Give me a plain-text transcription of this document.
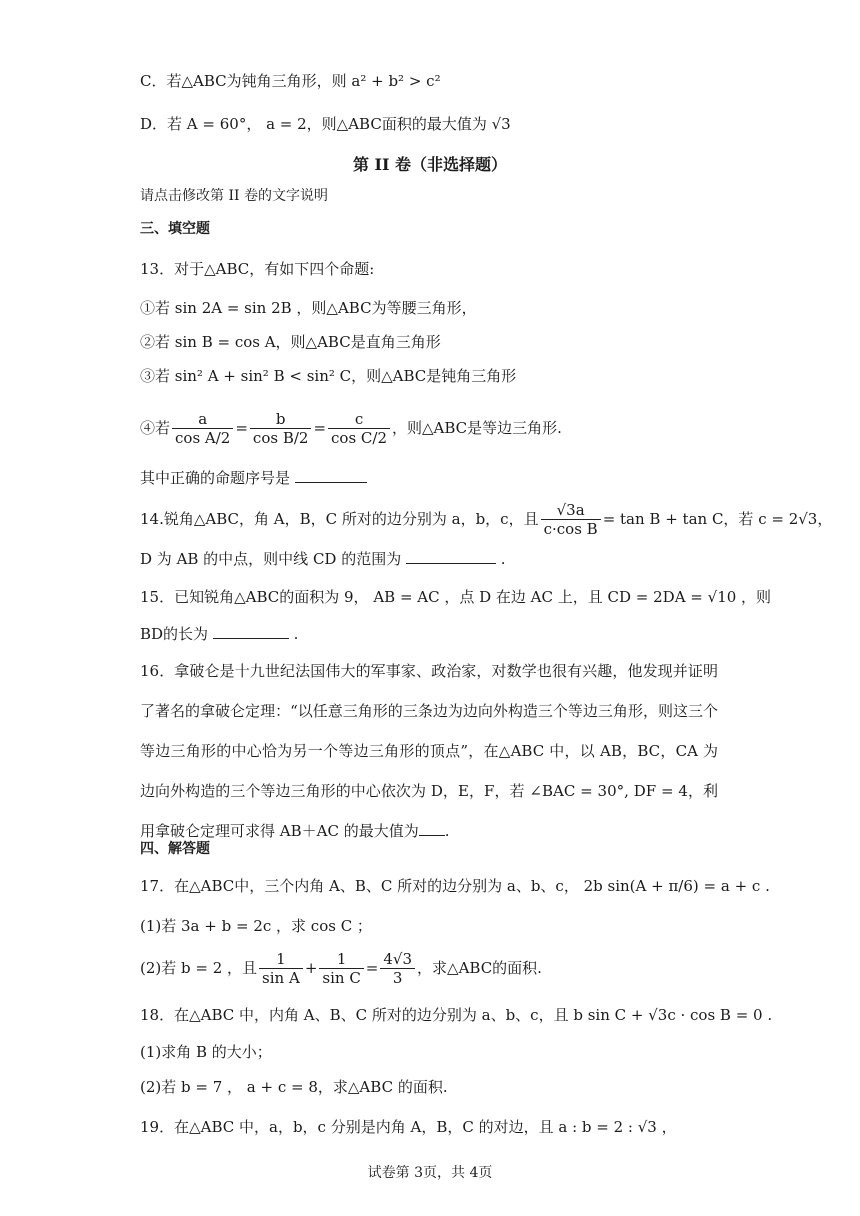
C．若△ABC为钝角三角形，则 a² + b² > c²
D．若 A = 60°， a = 2，则△ABC面积的最大值为 √3
第 II 卷（非选择题）
请点击修改第 II 卷的文字说明
三、填空题
13．对于△ABC，有如下四个命题:
①若 sin 2A = sin 2B ，则△ABC为等腰三角形，
②若 sin B = cos A，则△ABC是直角三角形
③若 sin² A + sin² B < sin² C，则△ABC是钝角三角形
④若 $\frac{a}{\text{cos A/2}} = \frac{b}{\text{cos B/2}} = \frac{c}{\text{cos C/2}}$ ，则△ABC是等边三角形.
其中正确的命题序号是
14.锐角△ABC，角 A，B，C 所对的边分别为 a，b，c，且 $\frac{√3a}{\text{c·cos B}} = \tan B + \tan C$，若 c = 2√3，
D 为 AB 的中点，则中线 CD 的范围为	.
15．已知锐角△ABC的面积为 9， AB = AC ，点 D 在边 AC 上，且 CD = 2DA = √10 ，则
BD的长为	.
16．拿破仑是十九世纪法国伟大的军事家、政治家，对数学也很有兴趣，他发现并证明了著名的拿破仑定理：“以任意三角形的三条边为边向外构造三个等边三角形，则这三个等边三角形的中心恰为另一个等边三角形的顶点”，在△ABC 中，以 AB，BC，CA 为边向外构造的三个等边三角形的中心依次为 D，E，F，若 ∠BAC = 30°, DF = 4，利用拿破仑定理可求得 AB＋AC 的最大值为 .
四、解答题
17．在△ABC中，三个内角 A、B、C 所对的边分别为 a、b、c， 2b sin(A + π/6) = a + c .
(1)若 3a + b = 2c ，求 cos C ；
(2)若 b = 2 ，且 $\frac{1}{\text{sin A}} + \frac{1}{\text{sin C}} = \frac{4√3}{3}$ ，求△ABC的面积.
18．在△ABC 中，内角 A、B、C 所对的边分别为 a、b、c，且 b sin C + √3c · cos B = 0 .
(1)求角 B 的大小；
(2)若 b = 7 ， a + c = 8，求△ABC 的面积.
19．在△ABC 中，a，b，c 分别是内角 A，B，C 的对边，且 a : b = 2 : √3 ，
试卷第 3页，共 4页
